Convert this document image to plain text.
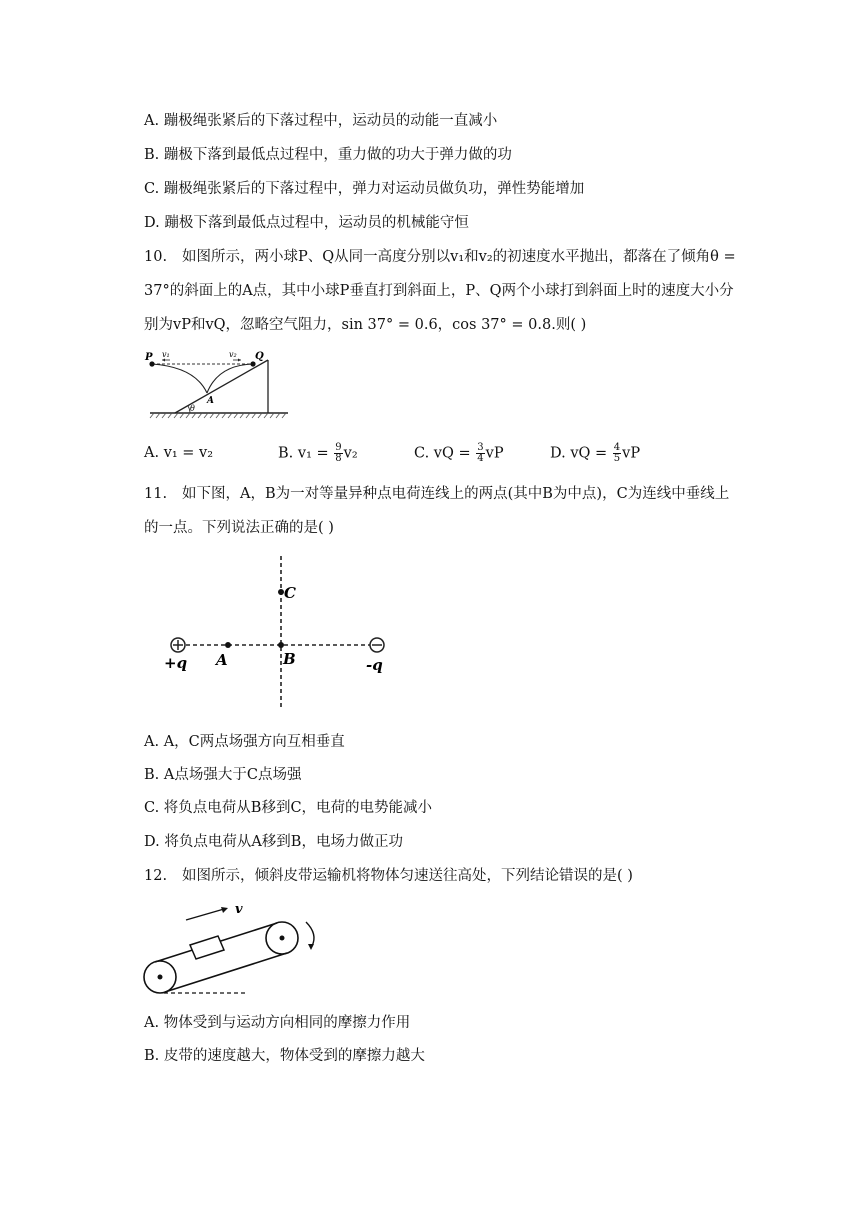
A. 蹦极绳张紧后的下落过程中，运动员的动能一直减小
B. 蹦极下落到最低点过程中，重力做的功大于弹力做的功
C. 蹦极绳张紧后的下落过程中，弹力对运动员做负功，弹性势能增加
D. 蹦极下落到最低点过程中，运动员的机械能守恒
10. 如图所示，两小球P、Q从同一高度分别以v₁和v₂的初速度水平抛出，都落在了倾角θ =
37°的斜面上的A点，其中小球P垂直打到斜面上，P、Q两个小球打到斜面上时的速度大小分
别为vP和vQ，忽略空气阻力，sin 37° = 0.6，cos 37° = 0.8.则( )
P	Q
v₁	v₂
A
θ
A. v₁ = v₂	B. $v_1 = \frac{9}{8} v_2$	C. vQ = $\frac{3}{4}$ vP	D. vQ = $\frac{4}{5}$ vP
11. 如下图，A，B为一对等量异种点电荷连线上的两点(其中B为中点)，C为连线中垂线上
的一点。下列说法正确的是( )
+q	-q
A	B
C
A. A，C两点场强方向互相垂直
B. A点场强大于C点场强
C. 将负点电荷从B移到C，电荷的电势能减小
D. 将负点电荷从A移到B，电场力做正功
12. 如图所示，倾斜皮带运输机将物体匀速送往高处，下列结论错误的是( )
v
A. 物体受到与运动方向相同的摩擦力作用
B. 皮带的速度越大，物体受到的摩擦力越大
